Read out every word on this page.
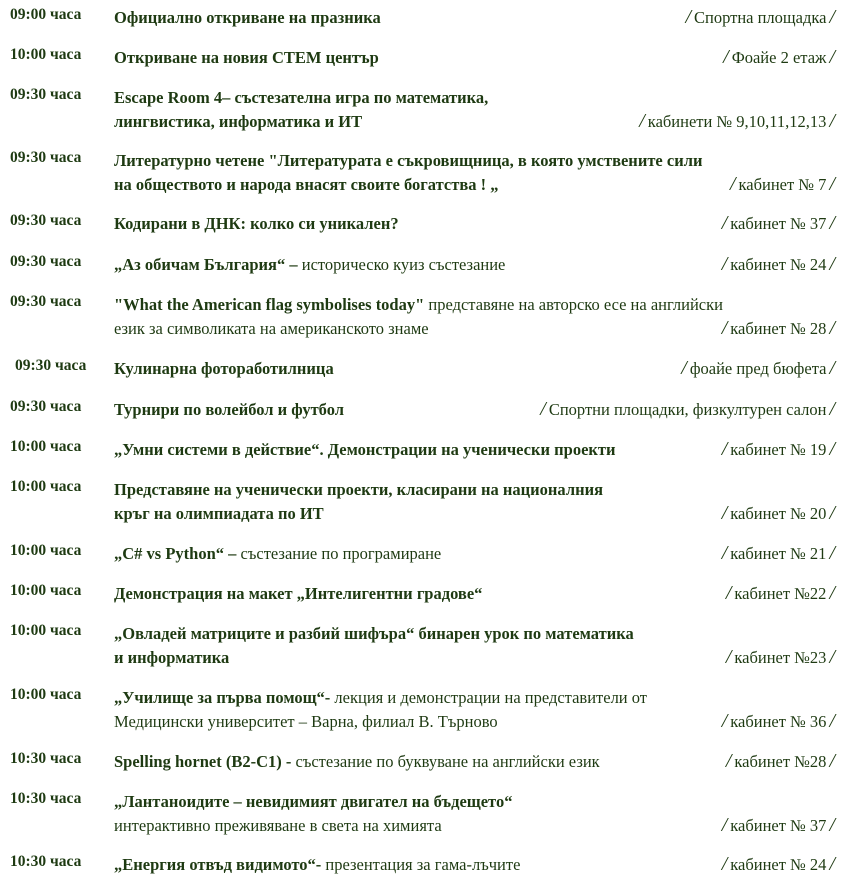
09:00 часа Официално откриване на празника	/ Спортна площадка /
10:00 часа Откриване на новия СТЕМ център	/ Фоайе 2 етаж /
09:30 часа Escape Room 4– състезателна игра по математика,
лингвистика, информатика и ИТ	/ кабинети № 9,10,11,12,13 /
09:30 часа Литературно четене "Литературата е съкровищница, в която умствените сили
на обществото и народа внасят своите богатства ! „	/ кабинет № 7 /
09:30 часа Кодирани в ДНК: колко си уникален?	/ кабинет № 37 /
09:30 часа „Аз обичам България“ – историческо куиз състезание	/ кабинет № 24 /
09:30 часа "What the American flag symbolises today" представяне на авторско есе на английски
език за символиката на американското знаме	/ кабинет № 28 /
09:30 часа Кулинарна фоторaботилница	/ фоайе пред бюфета /
09:30 часа Турнири по волейбол и футбол	/ Спортни площадки, физкултурен салон /
10:00 часа „Умни системи в действие“. Демонстрации на ученически проекти	/ кабинет № 19 /
10:00 часа Представяне на ученически проекти, класирани на националния
кръг на олимпиадата по ИТ	/ кабинет № 20 /
10:00 часа „C# vs Python“ – състезание по програмиране	/ кабинет № 21 /
10:00 часа Демонстрация на макет „Интелигентни градове“	/ кабинет №22 /
10:00 часа „Овладей матриците и разбий шифъра“ бинарен урок по математика
и информатика	/ кабинет №23 /
10:00 часа „Училище за първа помощ“- лекция и демонстрации на представители от
Медицински университет – Варна, филиал В. Търново	/ кабинет № 36 /
10:30 часа Spelling hornet (B2-C1) - състезание по буквуване на английски език	/ кабинет №28 /
10:30 часа „Лантаноидите – невидимият двигател на бъдещето“
интерактивно преживяване в света на химията	/ кабинет № 37 /
10:30 часа „Енергия отвъд видимото“- презентация за гама-лъчите	/ кабинет № 24 /
